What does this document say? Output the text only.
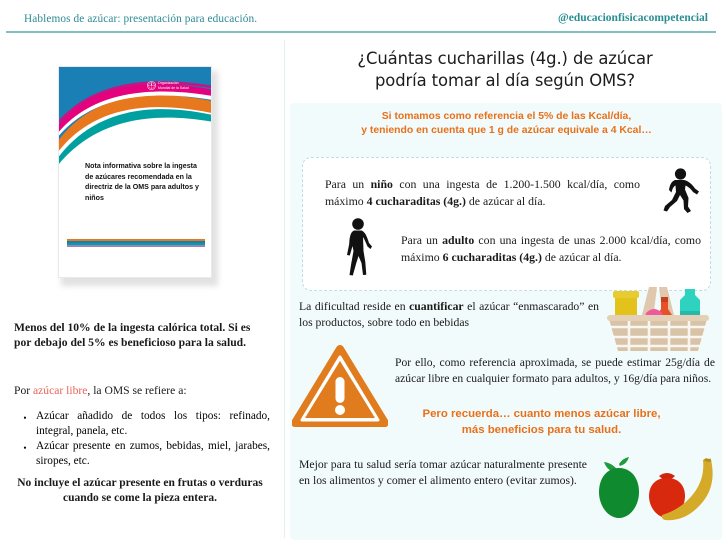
Hablemos de azúcar: presentación para educación.	@educacionfisicacompetencial
Organización
Mundial de la Salud
Nota informativa sobre la ingesta de azúcares recomendada en la directriz de la OMS para adultos y niños
Menos del 10% de la ingesta calórica total. Si es por debajo del 5% es beneficioso para la salud.
Por azúcar libre, la OMS se refiere a:
• Azúcar añadido de todos los tipos: refinado, integral, panela, etc.
• Azúcar presente en zumos, bebidas, miel, jarabes, siropes, etc.
No incluye el azúcar presente en frutas o verduras cuando se come la pieza entera.
¿Cuántas cucharillas (4g.) de azúcar
podría tomar al día según OMS?
Si tomamos como referencia el 5% de las Kcal/día,
y teniendo en cuenta que 1 g de azúcar equivale a 4 Kcal…
Para un niño con una ingesta de 1.200-1.500 kcal/día, como máximo 4 cucharaditas (4g.) de azúcar al día.
Para un adulto con una ingesta de unas 2.000 kcal/día, como máximo 6 cucharaditas (4g.) de azúcar al día.
La dificultad reside en cuantificar el azúcar “enmascarado” en los productos, sobre todo en bebidas
Por ello, como referencia aproximada, se puede estimar 25g/día de azúcar libre en cualquier formato para adultos, y 16g/día para niños.
Pero recuerda… cuanto menos azúcar libre,
más beneficios para tu salud.
Mejor para tu salud sería tomar azúcar naturalmente presente en los alimentos y comer el alimento entero (evitar zumos).
